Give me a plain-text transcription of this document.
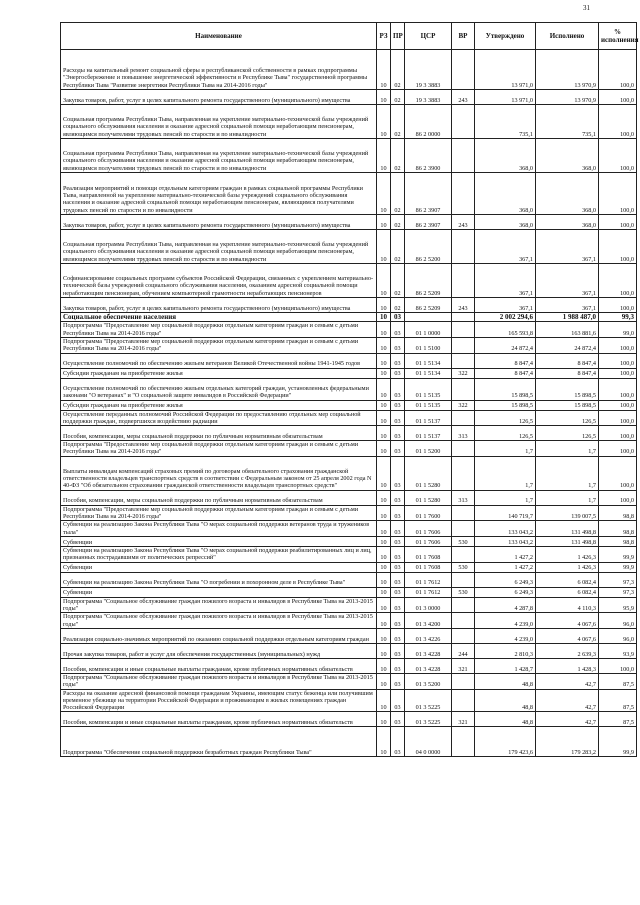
31
Наименование	РЗ	ПР	ЦСР	ВР	Утверждено	Исполнено	% исполнения
Расходы на капитальный ремонт социальной сферы и республиканской собственности в рамках подпрограммы "Энергосбережение и повышение энергетической эффективности в Республике Тыва" государственной программы Республики Тыва "Развитие энергетики Республики Тыва на 2014-2016 годы"	10	02	19 3 3883		13 971,0	13 970,9	100,0
Закупка товаров, работ, услуг в целях капитального ремонта государственного (муниципального) имущества	10	02	19 3 3883	243	13 971,0	13 970,9	100,0
Социальная программа Республики Тыва, направленная на укрепление материально-технической базы учреждений социального обслуживания населения и оказание адресной социальной помощи неработающим пенсионерам, являющимся получателями трудовых пенсий по старости и по инвалидности	10	02	86 2 0000		735,1	735,1	100,0
Социальная программа Республики Тыва, направленная на укрепление материально-технической базы учреждений социального обслуживания населения и оказание адресной социальной помощи неработающим пенсионерам, являющимся получателями трудовых пенсий по старости и по инвалидности	10	02	86 2 3900		368,0	368,0	100,0
Реализация мероприятий и помощи отдельным категориям граждан в рамках социальной программы Республики Тыва, направленной на укрепление материально-технической базы учреждений социального обслуживания населения и оказание адресной социальной помощи неработающим пенсионерам, являющимся получателями трудовых пенсий по старости и по инвалидности	10	02	86 2 3907		368,0	368,0	100,0
Закупка товаров, работ, услуг в целях капитального ремонта государственного (муниципального) имущества	10	02	86 2 3907	243	368,0	368,0	100,0
Социальная программа Республики Тыва, направленная на укрепление материально-технической базы учреждений социального обслуживания населения и оказание адресной социальной помощи неработающим пенсионерам, являющимся получателями трудовых пенсий по старости и по инвалидности	10	02	86 2 5200		367,1	367,1	100,0
Софинансирование социальных программ субъектов Российской Федерации, связанных с укреплением материально-технической базы учреждений социального обслуживания населения, оказанием адресной социальной помощи неработающим пенсионерам, обучением компьютерной грамотности неработающих пенсионеров	10	02	86 2 5209		367,1	367,1	100,0
Закупка товаров, работ, услуг в целях капитального ремонта государственного (муниципального) имущества	10	02	86 2 5209	243	367,1	367,1	100,0
Социальное обеспечение населения	10	03			2 002 294,6	1 988 487,0	99,3
Подпрограмма "Предоставление мер социальной поддержки отдельным категориям граждан и семьям с детьми Республики Тыва на 2014-2016 годы"	10	03	01 1 0000		165 593,8	163 881,6	99,0
Подпрограмма "Предоставление мер социальной поддержки отдельным категориям граждан и семьям с детьми Республики Тыва на 2014-2016 годы"	10	03	01 1 5100		24 872,4	24 872,4	100,0
Осуществление полномочий по обеспечению жильем ветеранов Великой Отечественной войны 1941-1945 годов	10	03	01 1 5134		8 847,4	8 847,4	100,0
Субсидии гражданам на приобретение жилья	10	03	01 1 5134	322	8 847,4	8 847,4	100,0
Осуществление полномочий по обеспечению жильем отдельных категорий граждан, установленных федеральными законами "О ветеранах" и "О социальной защите инвалидов в Российской Федерации"	10	03	01 1 5135		15 898,5	15 898,5	100,0
Субсидии гражданам на приобретение жилья	10	03	01 1 5135	322	15 898,5	15 898,5	100,0
Осуществление переданных полномочий Российской Федерации по предоставлению отдельных мер социальной поддержки граждан, подвергшихся воздействию радиации	10	03	01 1 5137		126,5	126,5	100,0
Пособия, компенсации, меры социальной поддержки по публичным нормативным обязательствам	10	03	01 1 5137	313	126,5	126,5	100,0
Подпрограмма "Предоставление мер социальной поддержки отдельным категориям граждан и семьям с детьми Республики Тыва на 2014-2016 годы"	10	03	01 1 5200		1,7	1,7	100,0
Выплаты инвалидам компенсаций страховых премий по договорам обязательного страхования гражданской ответственности владельцев транспортных средств в соответствии с Федеральным законом от 25 апреля 2002 года N 40-ФЗ "Об обязательном страховании гражданской ответственности владельцев транспортных средств"	10	03	01 1 5280		1,7	1,7	100,0
Пособия, компенсации, меры социальной поддержки по публичным нормативным обязательствам	10	03	01 1 5280	313	1,7	1,7	100,0
Подпрограмма "Предоставление мер социальной поддержки отдельным категориям граждан и семьям с детьми Республики Тыва на 2014-2016 годы"	10	03	01 1 7600		140 719,7	139 007,5	98,8
Субвенции на реализацию Закона Республики Тыва "О мерах социальной поддержки ветеранов труда и тружеников тыла"	10	03	01 1 7606		133 043,2	131 498,8	98,8
Субвенции	10	03	01 1 7606	530	133 043,2	131 498,8	98,8
Субвенции на реализацию Закона Республики Тыва "О мерах социальной поддержки реабилитированных лиц и лиц, признанных пострадавшими от политических репрессий"	10	03	01 1 7608		1 427,2	1 426,3	99,9
Субвенции	10	03	01 1 7608	530	1 427,2	1 426,3	99,9
Субвенции на реализацию Закона Республики Тыва "О погребении и похоронном деле в Республике Тыва"	10	03	01 1 7612		6 249,3	6 082,4	97,3
Субвенции	10	03	01 1 7612	530	6 249,3	6 082,4	97,3
Подпрограмма "Социальное обслуживание граждан пожилого возраста и инвалидов в Республике Тыва на 2013-2015 годы"	10	03	01 3 0000		4 287,8	4 110,3	95,9
Подпрограмма "Социальное обслуживание граждан пожилого возраста и инвалидов в Республике Тыва на 2013-2015 годы"	10	03	01 3 4200		4 239,0	4 067,6	96,0
Реализация социально-значимых мероприятий по оказанию социальной поддержки отдельным категориям граждан	10	03	01 3 4226		4 239,0	4 067,6	96,0
Прочая закупка товаров, работ и услуг для обеспечения государственных (муниципальных) нужд	10	03	01 3 4228	244	2 810,3	2 639,3	93,9
Пособия, компенсации и иные социальные выплаты гражданам, кроме публичных нормативных обязательств	10	03	01 3 4228	321	1 428,7	1 428,3	100,0
Подпрограмма "Социальное обслуживание граждан пожилого возраста и инвалидов в Республике Тыва на 2013-2015 годы"	10	03	01 3 5200		48,8	42,7	87,5
Расходы на оказание адресной финансовой помощи гражданам Украины, имеющим статус беженца или получившим временное убежище на территории Российской Федерации и проживающим в жилых помещениях граждан Российской Федерации	10	03	01 3 5225		48,8	42,7	87,5
Пособия, компенсации и иные социальные выплаты гражданам, кроме публичных нормативных обязательств	10	03	01 3 5225	321	48,8	42,7	87,5
Подпрограмма "Обеспечение социальной поддержки безработных граждан Республики Тыва"	10	03	04 0 0000		179 423,6	179 283,2	99,9
